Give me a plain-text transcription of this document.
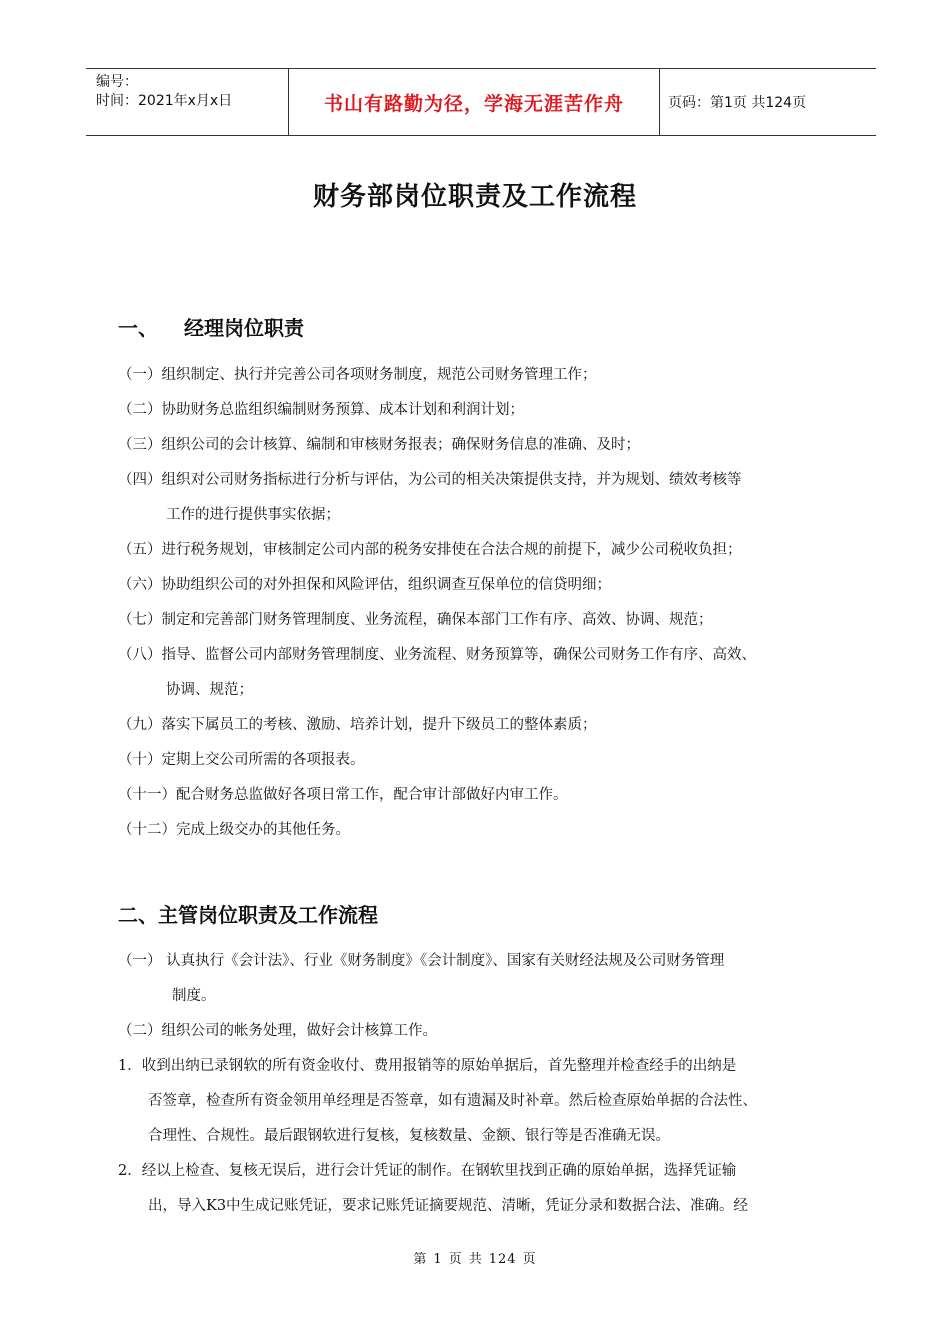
编号：
时间：2021年x月x日	书山有路勤为径，学海无涯苦作舟	页码：第1页 共124页
财务部岗位职责及工作流程
一、 经理岗位职责

（一）组织制定、执行并完善公司各项财务制度，规范公司财务管理工作；

（二）协助财务总监组织编制财务预算、成本计划和利润计划；

（三）组织公司的会计核算、编制和审核财务报表；确保财务信息的准确、及时；

（四）组织对公司财务指标进行分析与评估，为公司的相关决策提供支持，并为规划、绩效考核等
工作的进行提供事实依据；

（五）进行税务规划，审核制定公司内部的税务安排使在合法合规的前提下，减少公司税收负担；

（六）协助组织公司的对外担保和风险评估，组织调查互保单位的信贷明细；

（七）制定和完善部门财务管理制度、业务流程，确保本部门工作有序、高效、协调、规范；

（八）指导、监督公司内部财务管理制度、业务流程、财务预算等，确保公司财务工作有序、高效、
协调、规范；

（九）落实下属员工的考核、激励、培养计划，提升下级员工的整体素质；

（十）定期上交公司所需的各项报表。

（十一）配合财务总监做好各项日常工作，配合审计部做好内审工作。

（十二）完成上级交办的其他任务。

二、主管岗位职责及工作流程

（一） 认真执行《会计法》、行业《财务制度》《会计制度》、国家有关财经法规及公司财务管理
制度。

（二）组织公司的帐务处理，做好会计核算工作。

1．收到出纳已录钢软的所有资金收付、费用报销等的原始单据后，首先整理并检查经手的出纳是
否签章，检查所有资金领用单经理是否签章，如有遗漏及时补章。然后检查原始单据的合法性、
合理性、合规性。最后跟钢软进行复核，复核数量、金额、银行等是否准确无误。

2．经以上检查、复核无误后，进行会计凭证的制作。在钢软里找到正确的原始单据，选择凭证输
出，导入K3中生成记账凭证，要求记账凭证摘要规范、清晰，凭证分录和数据合法、准确。经

第 1 页 共 124 页
